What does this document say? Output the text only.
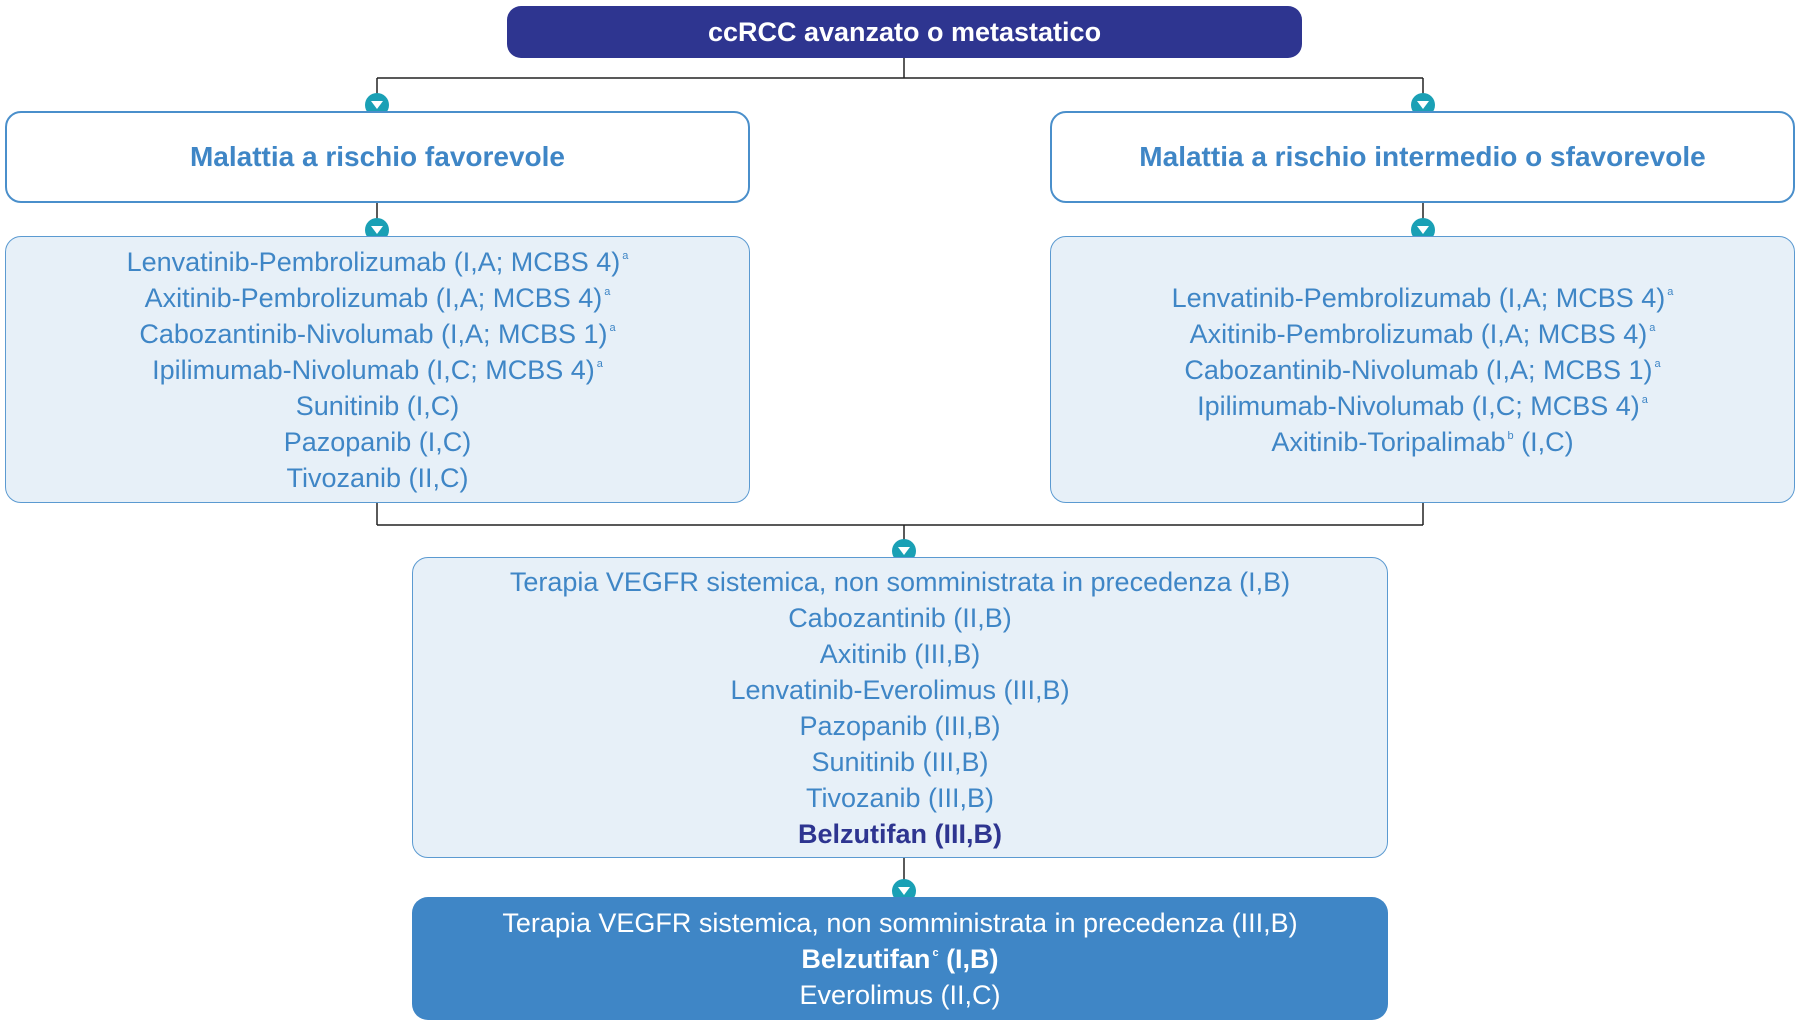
ccRCC avanzato o metastatico
Malattia a rischio favorevole	Malattia a rischio intermedio o sfavorevole
Lenvatinib-Pembrolizumab (I,A; MCBS 4) $^a$
Axitinib-Pembrolizumab (I,A; MCBS 4) $^a$
Cabozantinib-Nivolumab (I,A; MCBS 1) $^a$
Ipilimumab-Nivolumab (I,C; MCBS 4) $^a$
Sunitinib (I,C)
Pazopanib (I,C)
Tivozanib (II,C)
Lenvatinib-Pembrolizumab (I,A; MCBS 4) $^a$
Axitinib-Pembrolizumab (I,A; MCBS 4) $^a$
Cabozantinib-Nivolumab (I,A; MCBS 1) $^a$
Ipilimumab-Nivolumab (I,C; MCBS 4) $^a$
Axitinib-Toripalimab $^b$ (I,C)
Terapia VEGFR sistemica, non somministrata in precedenza (I,B)
Cabozantinib (II,B)
Axitinib (III,B)
Lenvatinib-Everolimus (III,B)
Pazopanib (III,B)
Sunitinib (III,B)
Tivozanib (III,B)
Belzutifan (III,B)
Terapia VEGFR sistemica, non somministrata in precedenza (III,B)
Belzutifan $^c$ (I,B)
Everolimus (II,C)
